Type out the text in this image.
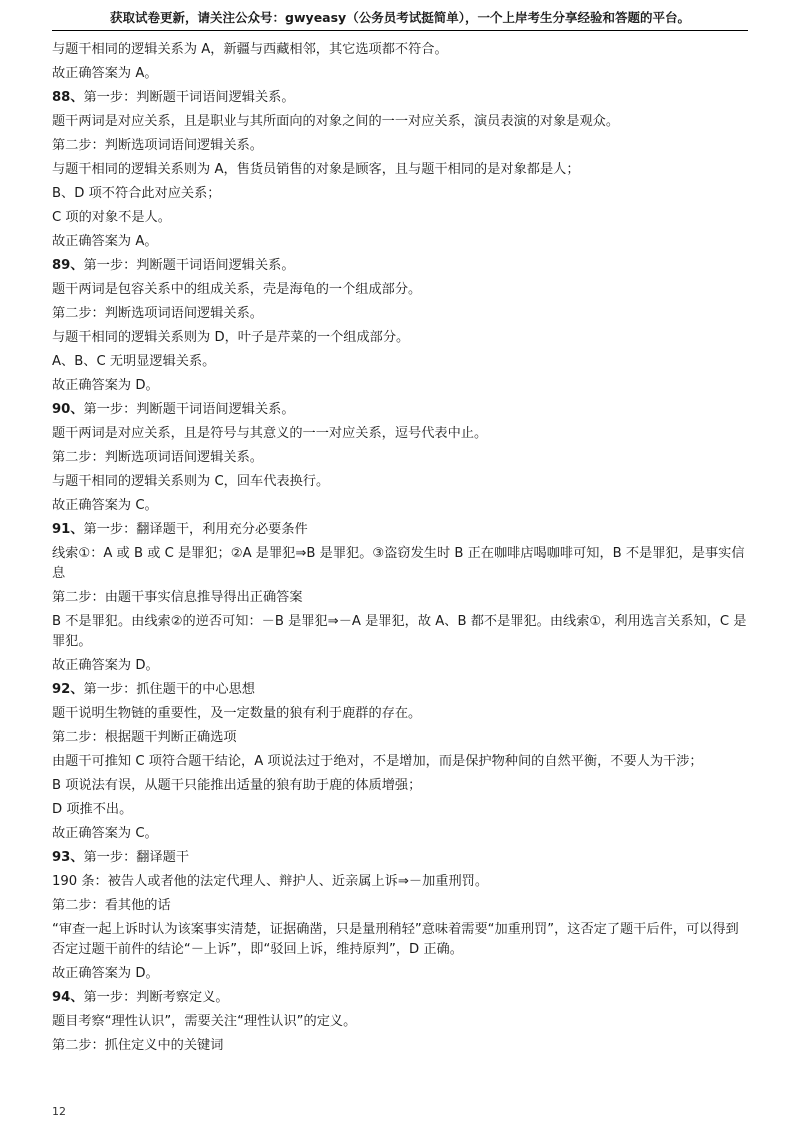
获取试卷更新，请关注公众号：gwyeasy（公务员考试挺简单），一个上岸考生分享经验和答题的平台。
与题干相同的逻辑关系为 A，新疆与西藏相邻，其它选项都不符合。
故正确答案为 A。
88、第一步：判断题干词语间逻辑关系。
题干两词是对应关系，且是职业与其所面向的对象之间的一一对应关系，演员表演的对象是观众。
第二步：判断选项词语间逻辑关系。
与题干相同的逻辑关系则为 A，售货员销售的对象是顾客，且与题干相同的是对象都是人；
B、D 项不符合此对应关系；
C 项的对象不是人。
故正确答案为 A。
89、第一步：判断题干词语间逻辑关系。
题干两词是包容关系中的组成关系，壳是海龟的一个组成部分。
第二步：判断选项词语间逻辑关系。
与题干相同的逻辑关系则为 D，叶子是芹菜的一个组成部分。
A、B、C 无明显逻辑关系。
故正确答案为 D。
90、第一步：判断题干词语间逻辑关系。
题干两词是对应关系，且是符号与其意义的一一对应关系，逗号代表中止。
第二步：判断选项词语间逻辑关系。
与题干相同的逻辑关系则为 C，回车代表换行。
故正确答案为 C。
91、第一步：翻译题干，利用充分必要条件
线索①：A 或 B 或 C 是罪犯；②A 是罪犯⇒B 是罪犯。③盗窃发生时 B 正在咖啡店喝咖啡可知，B 不是罪犯，是事实信息
第二步：由题干事实信息推导得出正确答案
B 不是罪犯。由线索②的逆否可知：－B 是罪犯⇒－A 是罪犯，故 A、B 都不是罪犯。由线索①，利用选言关系知，C 是罪犯。
故正确答案为 D。
92、第一步：抓住题干的中心思想
题干说明生物链的重要性，及一定数量的狼有利于鹿群的存在。
第二步：根据题干判断正确选项
由题干可推知 C 项符合题干结论，A 项说法过于绝对，不是增加，而是保护物种间的自然平衡，不要人为干涉；
B 项说法有误，从题干只能推出适量的狼有助于鹿的体质增强；
D 项推不出。
故正确答案为 C。
93、第一步：翻译题干
190 条：被告人或者他的法定代理人、辩护人、近亲属上诉⇒－加重刑罚。
第二步：看其他的话
“审查一起上诉时认为该案事实清楚，证据确凿，只是量刑稍轻”意味着需要“加重刑罚”，这否定了题干后件，可以得到否定过题干前件的结论“－上诉”，即“驳回上诉，维持原判”，D 正确。
故正确答案为 D。
94、第一步：判断考察定义。
题目考察“理性认识”，需要关注“理性认识”的定义。
第二步：抓住定义中的关键词
12
